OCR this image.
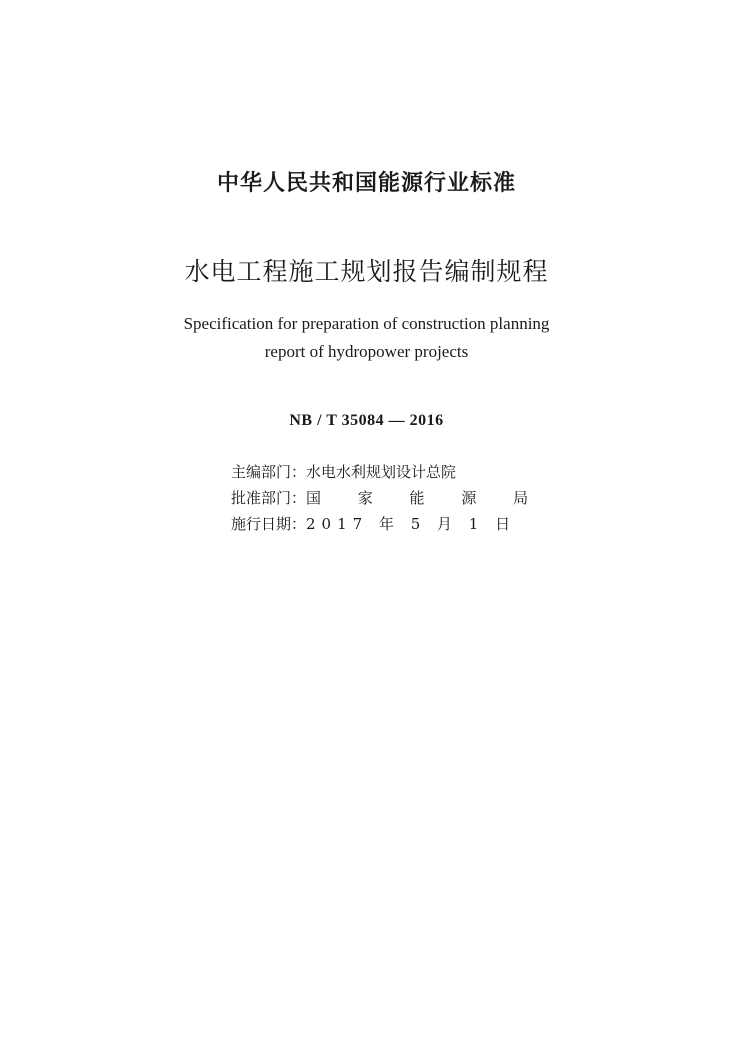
中华人民共和国能源行业标准
水电工程施工规划报告编制规程
Specification for preparation of construction planning
report of hydropower projects
NB / T 35084 — 2016
主编部门： 水电水利规划设计总院
批准部门： 国 家 能 源 局
施行日期： 2017 年 5 月 1 日
